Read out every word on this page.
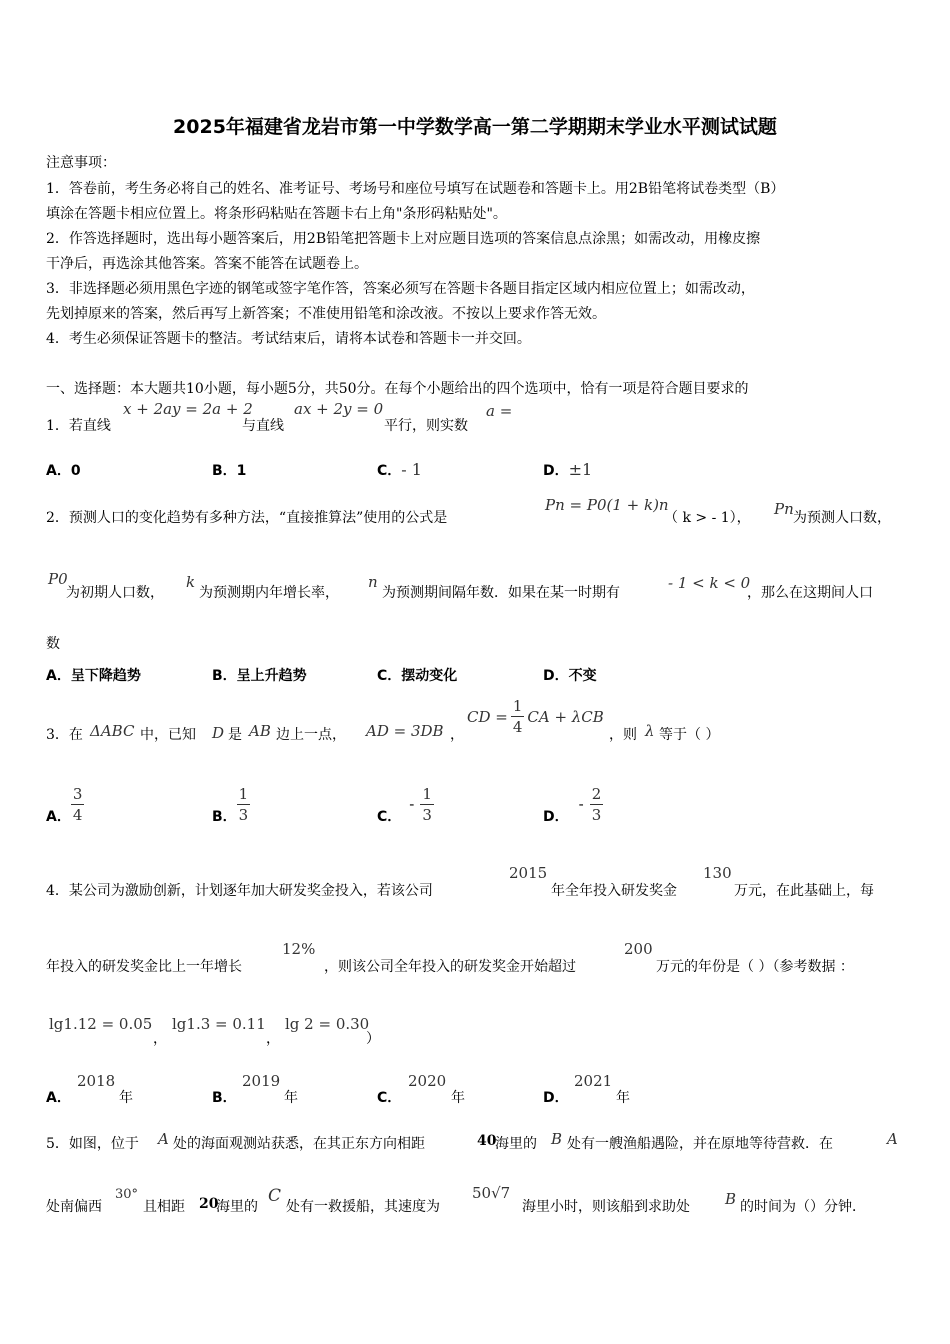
2025年福建省龙岩市第一中学数学高一第二学期期末学业水平测试试题
注意事项：
1．答卷前，考生务必将自己的姓名、准考证号、考场号和座位号填写在试题卷和答题卡上。用2B铅笔将试卷类型（B）
填涂在答题卡相应位置上。将条形码粘贴在答题卡右上角"条形码粘贴处"。
2．作答选择题时，选出每小题答案后，用2B铅笔把答题卡上对应题目选项的答案信息点涂黑；如需改动，用橡皮擦
干净后，再选涂其他答案。答案不能答在试题卷上。
3．非选择题必须用黑色字迹的钢笔或签字笔作答，答案必须写在答题卡各题目指定区域内相应位置上；如需改动，
先划掉原来的答案，然后再写上新答案；不准使用铅笔和涂改液。不按以上要求作答无效。
4．考生必须保证答题卡的整洁。考试结束后，请将本试卷和答题卡一并交回。
一、选择题：本大题共10小题，每小题5分，共50分。在每个小题给出的四个选项中，恰有一项是符合题目要求的
1．若直线
x + 2ay = 2a + 2
与直线
ax + 2y = 0
平行，则实数
a =
A．0	B．1	C．- 1	D．±1
2．预测人口的变化趋势有多种方法，“直接推算法”使用的公式是
Pn = P0(1 + k)n
（ k > - 1）， Pn 为预测人口数，
P0
为初期人口数，
k
为预测期内年增长率，
n
为预测期间隔年数．如果在某一时期有
- 1 < k < 0
，那么在这期间人口
数
A．呈下降趋势	B．呈上升趋势	C．摆动变化	D．不变
3．在 ΔABC 中，已知 D 是 AB 边上一点， AD = 3DB ，
CD = $\frac{1}{4}$ CA + λCB
，则 λ 等于（ ）
A． $\frac{3}{4}$	B． $\frac{1}{3}$	C．
- $\frac{1}{3}$	D．
- $\frac{2}{3}$
4．某公司为激励创新，计划逐年加大研发奖金投入，若该公司
2015
年全年投入研发奖金
130
万元，在此基础上，每
年投入的研发奖金比上一年增长
12%
，则该公司全年投入的研发奖金开始超过
200
万元的年份是（ ）（参考数据 ：
lg1.12 = 0.05
，
lg1.3 = 0.11
，
lg 2 = 0.30
）
A．
2018
年	B．
2019
年	C．
2020
年	D．
2021
年
5．如图，位于 A 处的海面观测站获悉，在其正东方向相距	40
海里的 B 处有一艘渔船遇险，并在原地等待营救．在	A
处南偏西
30°
且相距 20
海里的
C
处有一救援船，其速度为
50√7
海里小时，则该船到求助处 B 的时间为（）分钟．
